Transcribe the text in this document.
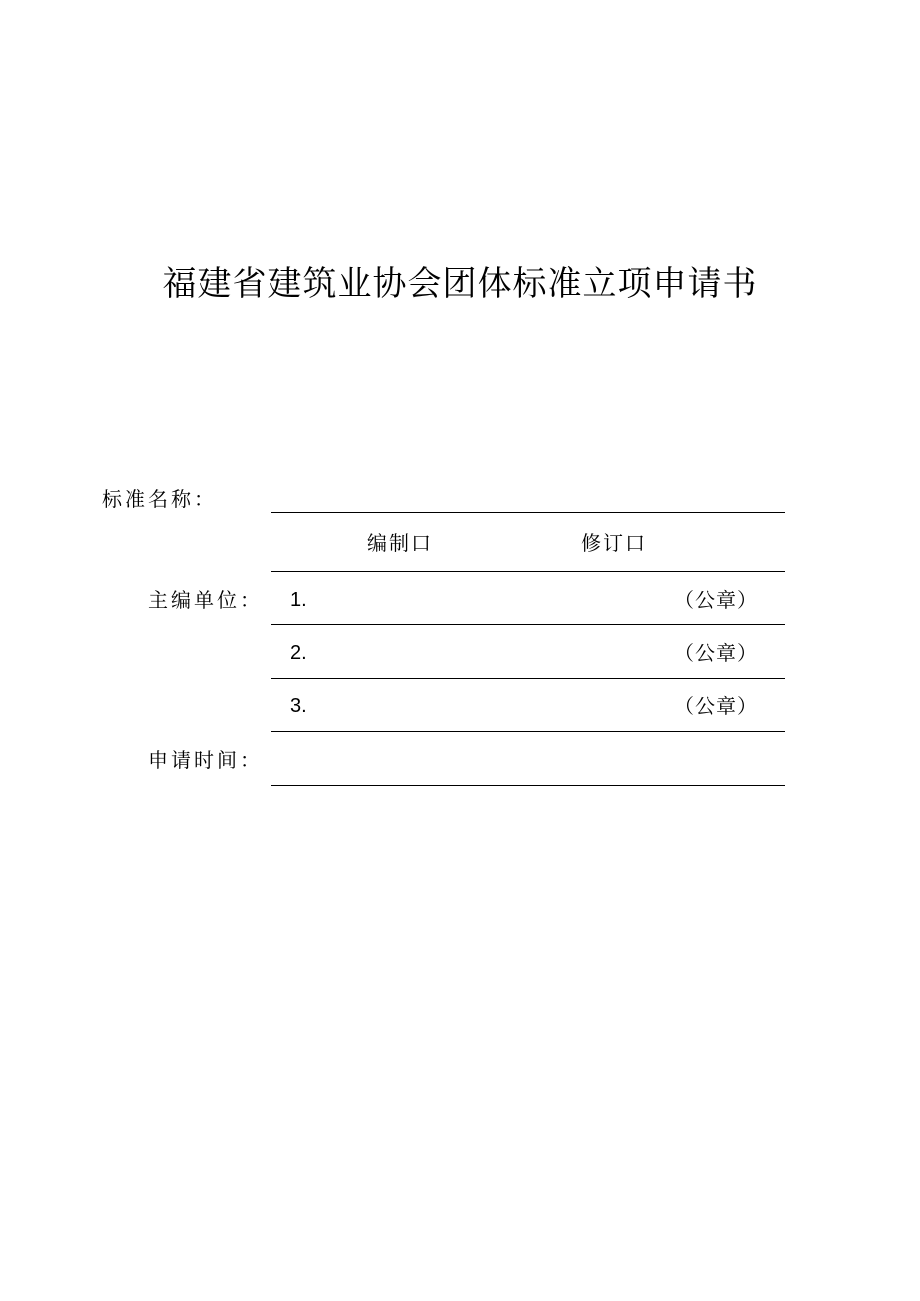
福建省建筑业协会团体标准立项申请书
标准名称：
编制口	修订口
主编单位： 1.	（公章）
2.	（公章）
3.	（公章）
申请时间：
